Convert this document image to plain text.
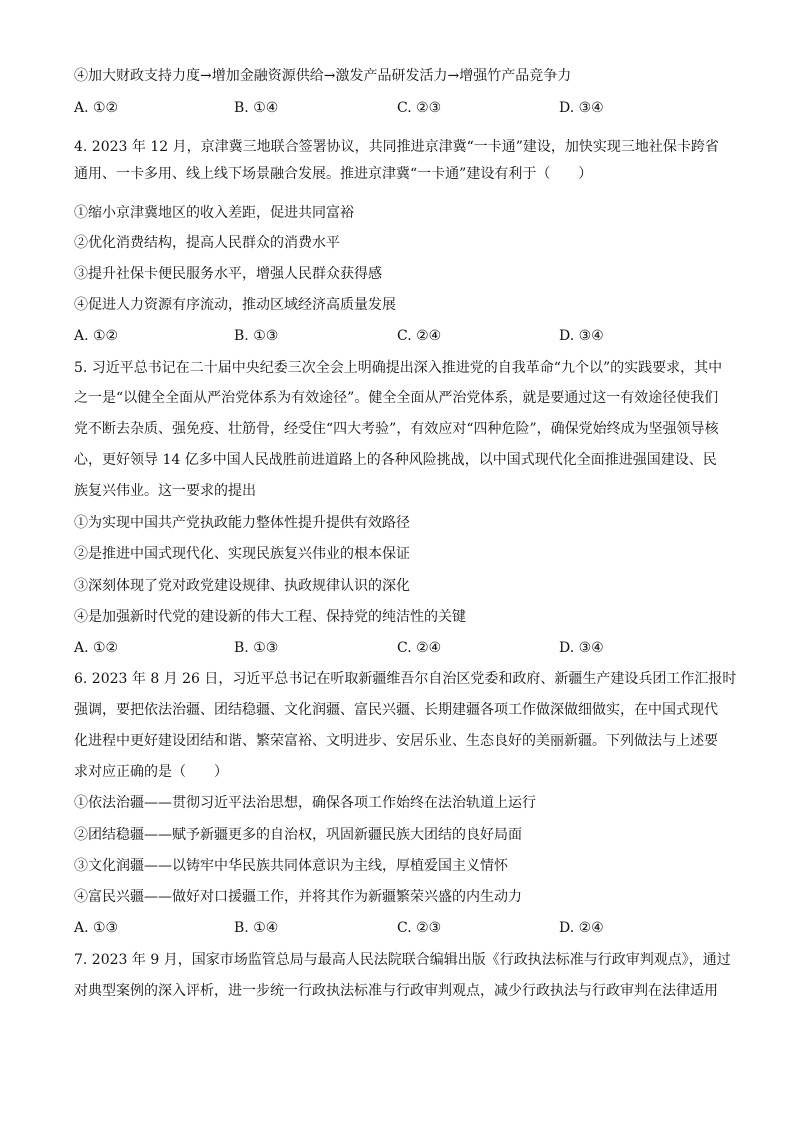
④加大财政支持力度→增加金融资源供给→激发产品研发活力→增强竹产品竞争力
A. ①②	B. ①④	C. ②③	D. ③④
4. 2023 年 12 月，京津冀三地联合签署协议，共同推进京津冀“一卡通”建设，加快实现三地社保卡跨省
通用、一卡多用、线上线下场景融合发展。推进京津冀“一卡通”建设有利于（　　）
①缩小京津冀地区的收入差距，促进共同富裕
②优化消费结构，提高人民群众的消费水平
③提升社保卡便民服务水平，增强人民群众获得感
④促进人力资源有序流动，推动区域经济高质量发展
A. ①②	B. ①③	C. ②④	D. ③④
5. 习近平总书记在二十届中央纪委三次全会上明确提出深入推进党的自我革命“九个以”的实践要求，其中
之一是“以健全全面从严治党体系为有效途径”。健全全面从严治党体系，就是要通过这一有效途径使我们
党不断去杂质、强免疫、壮筋骨，经受住“四大考验”，有效应对“四种危险”，确保党始终成为坚强领导核
心，更好领导 14 亿多中国人民战胜前进道路上的各种风险挑战，以中国式现代化全面推进强国建设、民
族复兴伟业。这一要求的提出
①为实现中国共产党执政能力整体性提升提供有效路径
②是推进中国式现代化、实现民族复兴伟业的根本保证
③深刻体现了党对政党建设规律、执政规律认识的深化
④是加强新时代党的建设新的伟大工程、保持党的纯洁性的关键
A. ①②	B. ①③	C. ②④	D. ③④
6. 2023 年 8 月 26 日，习近平总书记在听取新疆维吾尔自治区党委和政府、新疆生产建设兵团工作汇报时
强调，要把依法治疆、团结稳疆、文化润疆、富民兴疆、长期建疆各项工作做深做细做实，在中国式现代
化进程中更好建设团结和谐、繁荣富裕、文明进步、安居乐业、生态良好的美丽新疆。下列做法与上述要
求对应正确的是（　　）
①依法治疆——贯彻习近平法治思想，确保各项工作始终在法治轨道上运行
②团结稳疆——赋予新疆更多的自治权，巩固新疆民族大团结的良好局面
③文化润疆——以铸牢中华民族共同体意识为主线，厚植爱国主义情怀
④富民兴疆——做好对口援疆工作，并将其作为新疆繁荣兴盛的内生动力
A. ①③	B. ①④	C. ②③	D. ②④
7. 2023 年 9 月，国家市场监管总局与最高人民法院联合编辑出版《行政执法标准与行政审判观点》，通过
对典型案例的深入评析，进一步统一行政执法标准与行政审判观点，减少行政执法与行政审判在法律适用
